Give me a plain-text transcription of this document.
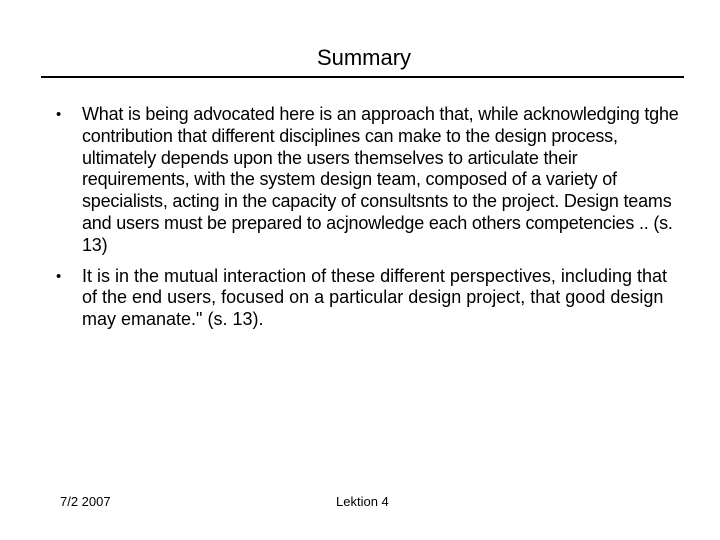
Summary
• What is being advocated here is an approach that, while acknowledging tghe contribution that different disciplines can make to the design process, ultimately depends upon the users themselves to articulate their requirements, with the system design team, composed of a variety of specialists, acting in the capacity of consultsnts to the project. Design teams and users must be prepared to acjnowledge each others competencies .. (s. 13)
• It is in the mutual interaction of these different perspectives, including that of the end users, focused on a particular design project, that good design may emanate." (s. 13).
7/2 2007	Lektion 4
